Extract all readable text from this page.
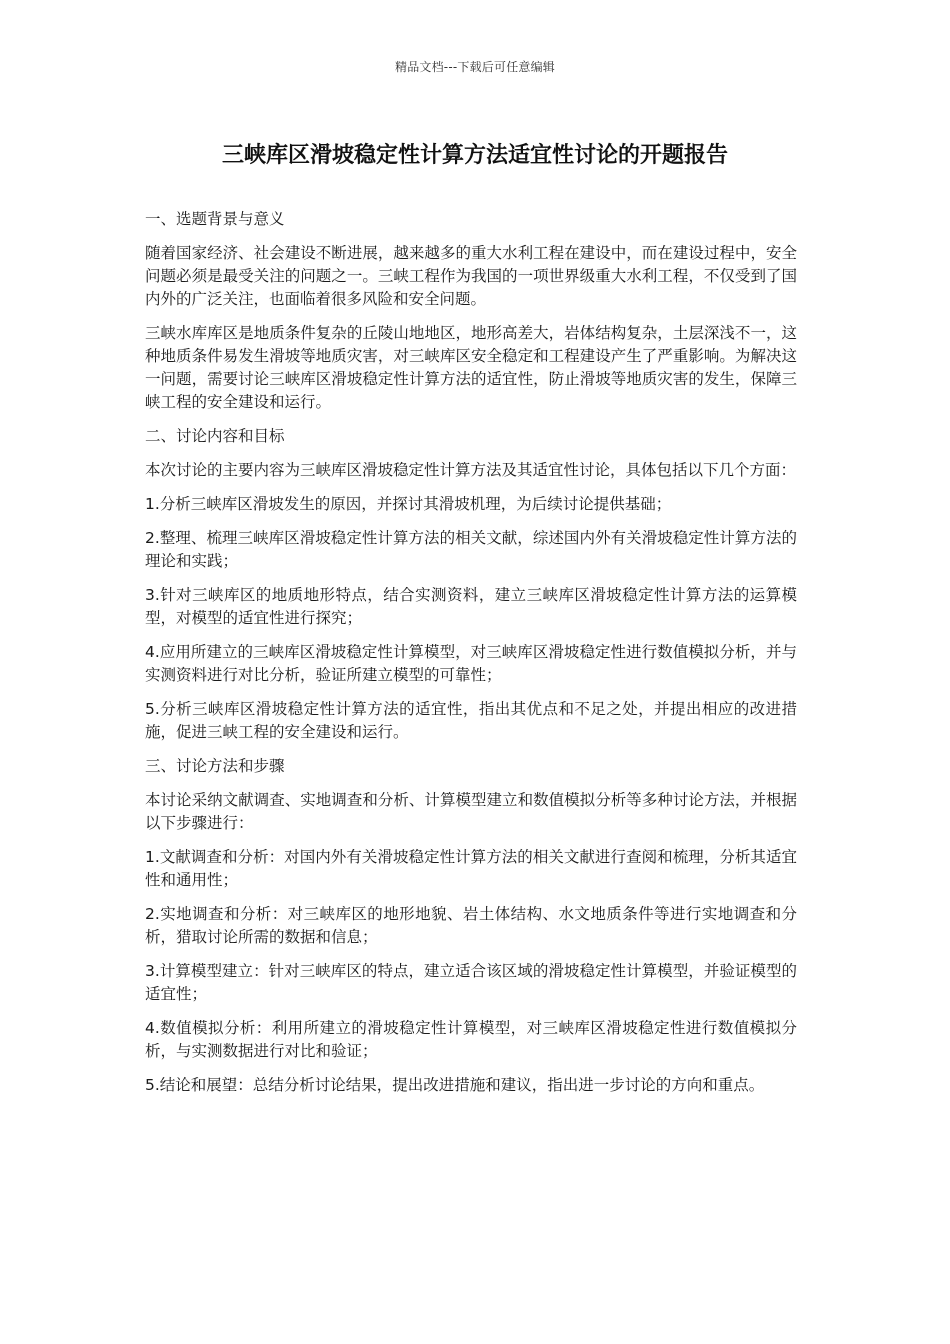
精品文档---下载后可任意编辑
三峡库区滑坡稳定性计算方法适宜性讨论的开题报告
一、选题背景与意义

随着国家经济、社会建设不断进展，越来越多的重大水利工程在建设中，而在建设过程中，安全问题必须是最受关注的问题之一。三峡工程作为我国的一项世界级重大水利工程，不仅受到了国内外的广泛关注，也面临着很多风险和安全问题。

三峡水库库区是地质条件复杂的丘陵山地地区，地形高差大，岩体结构复杂，土层深浅不一，这种地质条件易发生滑坡等地质灾害，对三峡库区安全稳定和工程建设产生了严重影响。为解决这一问题，需要讨论三峡库区滑坡稳定性计算方法的适宜性，防止滑坡等地质灾害的发生，保障三峡工程的安全建设和运行。

二、讨论内容和目标

本次讨论的主要内容为三峡库区滑坡稳定性计算方法及其适宜性讨论，具体包括以下几个方面：

1.分析三峡库区滑坡发生的原因，并探讨其滑坡机理，为后续讨论提供基础；

2.整理、梳理三峡库区滑坡稳定性计算方法的相关文献，综述国内外有关滑坡稳定性计算方法的理论和实践；

3.针对三峡库区的地质地形特点，结合实测资料，建立三峡库区滑坡稳定性计算方法的运算模型，对模型的适宜性进行探究；

4.应用所建立的三峡库区滑坡稳定性计算模型，对三峡库区滑坡稳定性进行数值模拟分析，并与实测资料进行对比分析，验证所建立模型的可靠性；

5.分析三峡库区滑坡稳定性计算方法的适宜性，指出其优点和不足之处，并提出相应的改进措施，促进三峡工程的安全建设和运行。

三、讨论方法和步骤

本讨论采纳文献调查、实地调查和分析、计算模型建立和数值模拟分析等多种讨论方法，并根据以下步骤进行：

1.文献调查和分析：对国内外有关滑坡稳定性计算方法的相关文献进行查阅和梳理，分析其适宜性和通用性；

2.实地调查和分析：对三峡库区的地形地貌、岩土体结构、水文地质条件等进行实地调查和分析，猎取讨论所需的数据和信息；

3.计算模型建立：针对三峡库区的特点，建立适合该区域的滑坡稳定性计算模型，并验证模型的适宜性；

4.数值模拟分析：利用所建立的滑坡稳定性计算模型，对三峡库区滑坡稳定性进行数值模拟分析，与实测数据进行对比和验证；

5.结论和展望：总结分析讨论结果，提出改进措施和建议，指出进一步讨论的方向和重点。
